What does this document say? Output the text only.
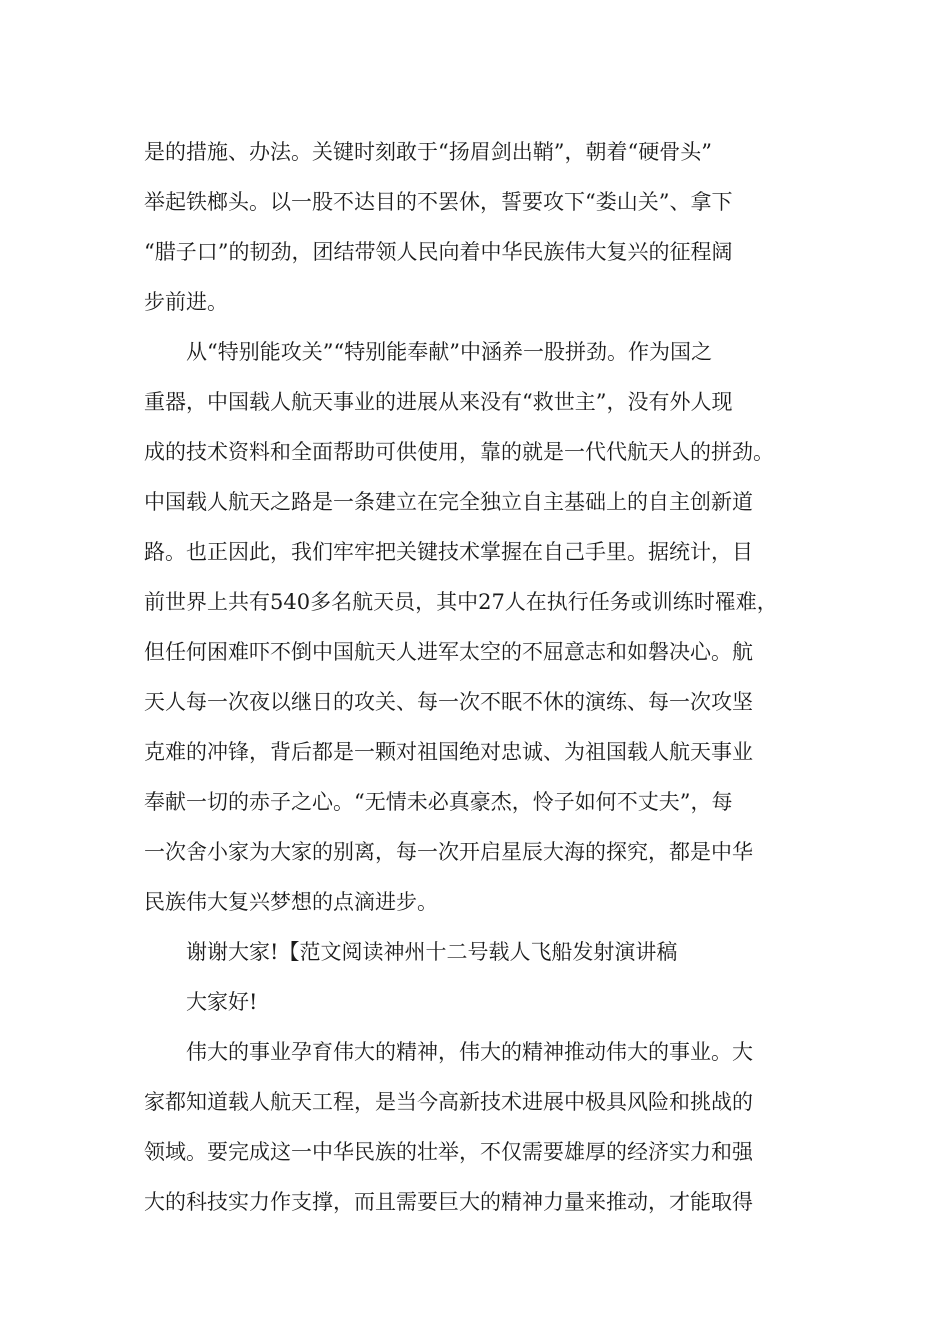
是的措施、办法。关键时刻敢于“扬眉剑出鞘”，朝着“硬骨头”
举起铁榔头。以一股不达目的不罢休，誓要攻下“娄山关”、拿下
“腊子口”的韧劲，团结带领人民向着中华民族伟大复兴的征程阔
步前进。
从“特别能攻关”“特别能奉献”中涵养一股拼劲。作为国之
重器，中国载人航天事业的进展从来没有“救世主”，没有外人现
成的技术资料和全面帮助可供使用，靠的就是一代代航天人的拼劲。
中国载人航天之路是一条建立在完全独立自主基础上的自主创新道
路。也正因此，我们牢牢把关键技术掌握在自己手里。据统计，目
前世界上共有540多名航天员，其中27人在执行任务或训练时罹难，
但任何困难吓不倒中国航天人进军太空的不屈意志和如磐决心。航
天人每一次夜以继日的攻关、每一次不眠不休的演练、每一次攻坚
克难的冲锋，背后都是一颗对祖国绝对忠诚、为祖国载人航天事业
奉献一切的赤子之心。“无情未必真豪杰，怜子如何不丈夫”，每
一次舍小家为大家的别离，每一次开启星辰大海的探究，都是中华
民族伟大复兴梦想的点滴进步。
谢谢大家!【范文阅读神州十二号载人飞船发射演讲稿
大家好!
伟大的事业孕育伟大的精神，伟大的精神推动伟大的事业。大
家都知道载人航天工程，是当今高新技术进展中极具风险和挑战的
领域。要完成这一中华民族的壮举，不仅需要雄厚的经济实力和强
大的科技实力作支撑，而且需要巨大的精神力量来推动，才能取得
